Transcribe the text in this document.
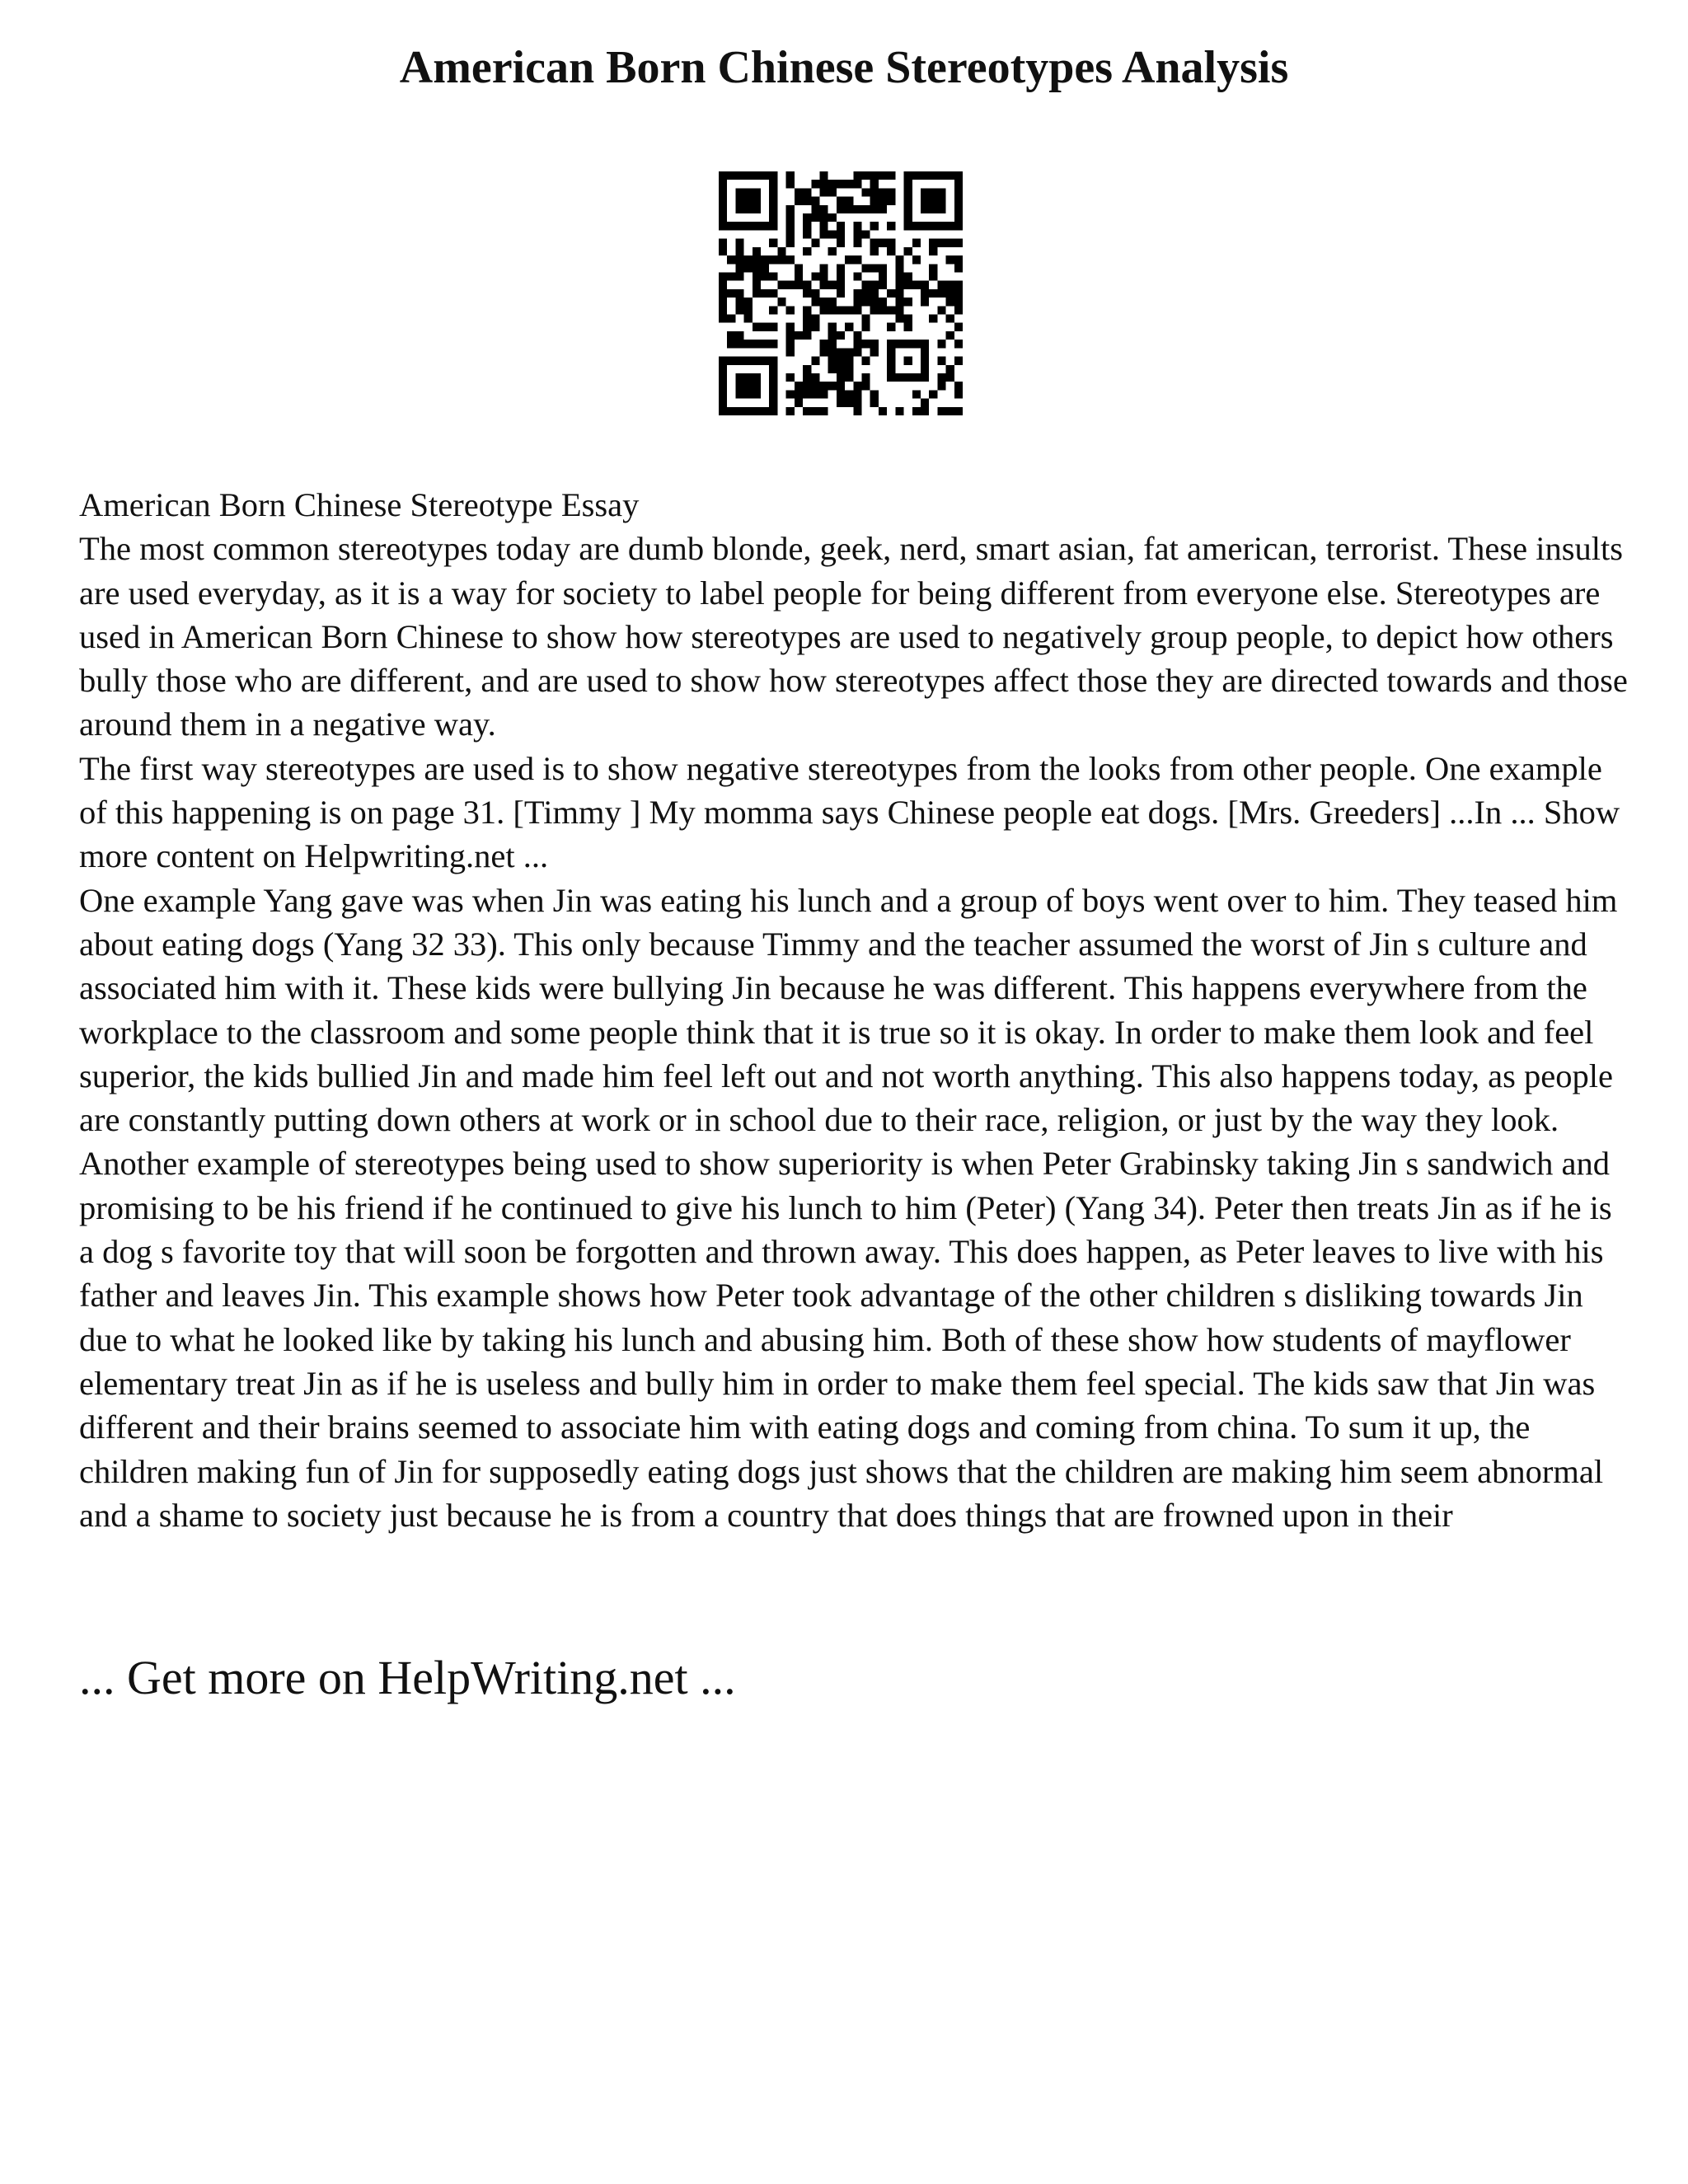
American Born Chinese Stereotypes Analysis

American Born Chinese Stereotype Essay

The most common stereotypes today are dumb blonde, geek, nerd, smart asian, fat american, terrorist. These insults are used everyday, as it is a way for society to label people for being different from everyone else. Stereotypes are used in American Born Chinese to show how stereotypes are used to negatively group people, to depict how others bully those who are different, and are used to show how stereotypes affect those they are directed towards and those around them in a negative way.

The first way stereotypes are used is to show negative stereotypes from the looks from other people. One example of this happening is on page 31. [Timmy ] My momma says Chinese people eat dogs. [Mrs. Greeders] ...In ... Show more content on Helpwriting.net ...

One example Yang gave was when Jin was eating his lunch and a group of boys went over to him. They teased him about eating dogs (Yang 32 33). This only because Timmy and the teacher assumed the worst of Jin s culture and associated him with it. These kids were bullying Jin because he was different. This happens everywhere from the workplace to the classroom and some people think that it is true so it is okay. In order to make them look and feel superior, the kids bullied Jin and made him feel left out and not worth anything. This also happens today, as people are constantly putting down others at work or in school due to their race, religion, or just by the way they look. Another example of stereotypes being used to show superiority is when Peter Grabinsky taking Jin s sandwich and promising to be his friend if he continued to give his lunch to him (Peter) (Yang 34). Peter then treats Jin as if he is a dog s favorite toy that will soon be forgotten and thrown away. This does happen, as Peter leaves to live with his father and leaves Jin. This example shows how Peter took advantage of the other children s disliking towards Jin due to what he looked like by taking his lunch and abusing him. Both of these show how students of mayflower elementary treat Jin as if he is useless and bully him in order to make them feel special. The kids saw that Jin was different and their brains seemed to associate him with eating dogs and coming from china. To sum it up, the children making fun of Jin for supposedly eating dogs just shows that the children are making him seem abnormal and a shame to society just because he is from a country that does things that are frowned upon in their

... Get more on HelpWriting.net ...
